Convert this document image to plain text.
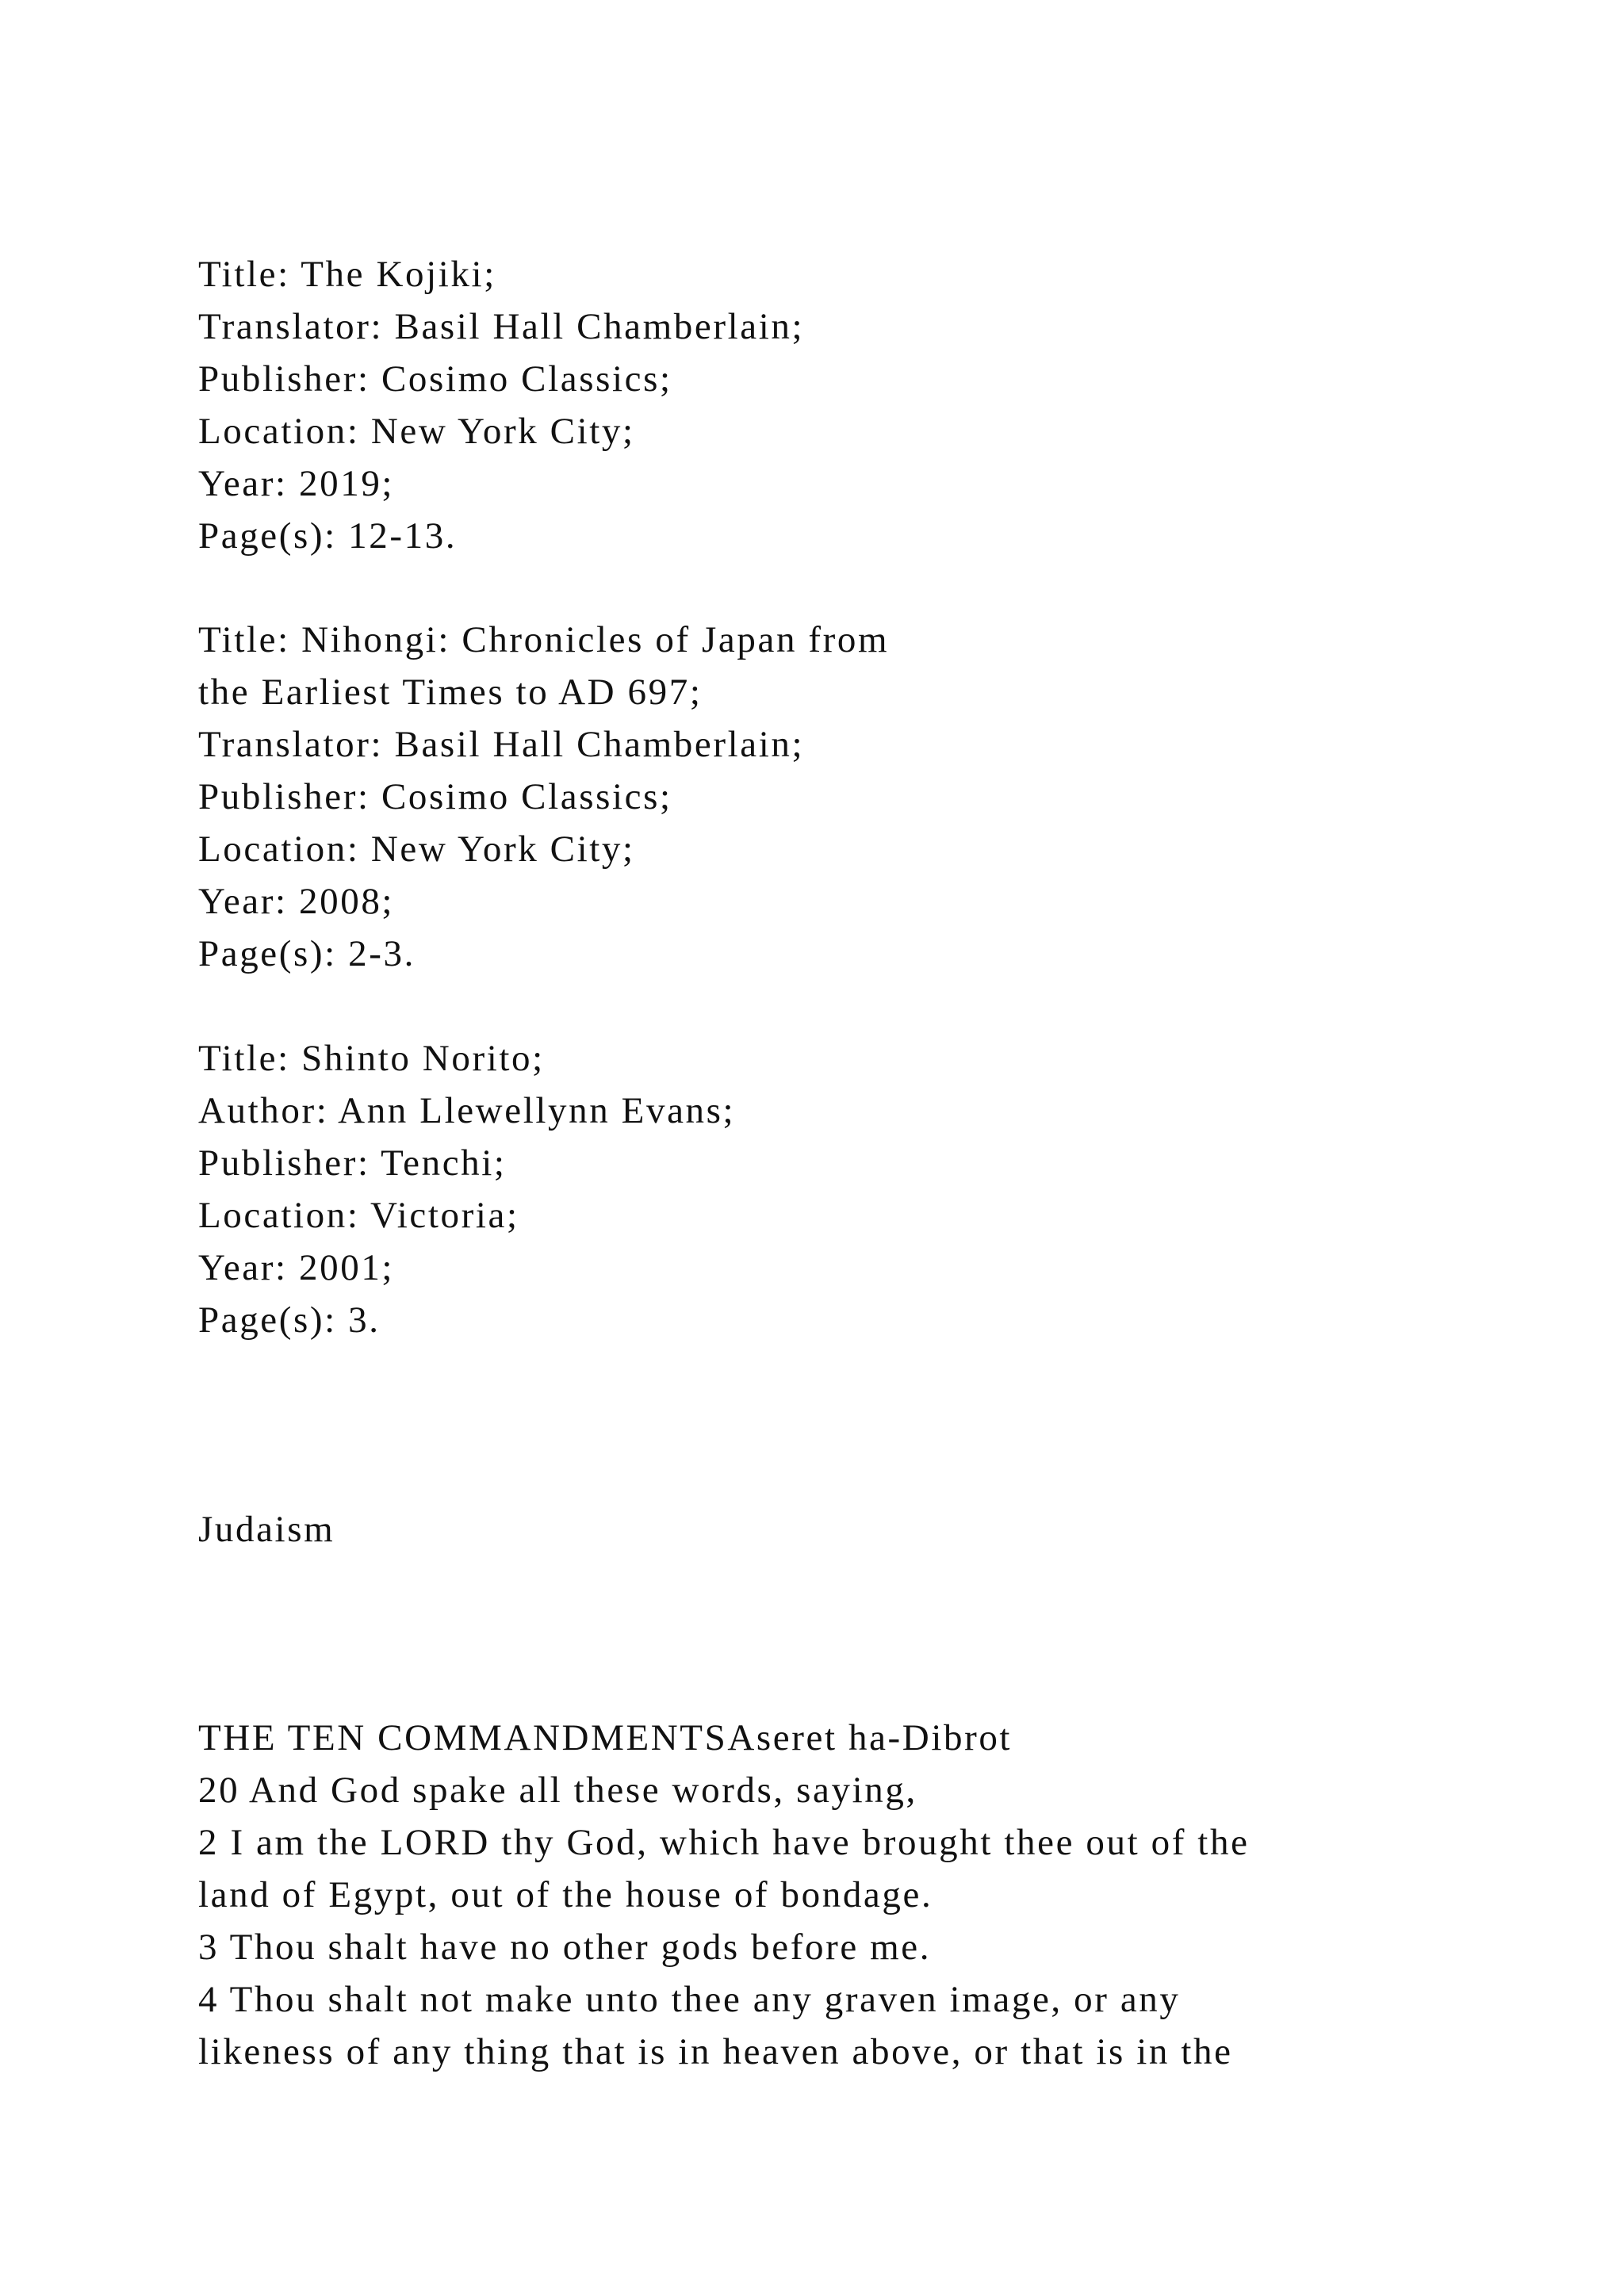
Title: The Kojiki;
Translator: Basil Hall Chamberlain;
Publisher: Cosimo Classics;
Location: New York City;
Year: 2019;
Page(s): 12-13.
Title: Nihongi: Chronicles of Japan from
the Earliest Times to AD 697;
Translator: Basil Hall Chamberlain;
Publisher: Cosimo Classics;
Location: New York City;
Year: 2008;
Page(s): 2-3.
Title: Shinto Norito;
Author: Ann Llewellynn Evans;
Publisher: Tenchi;
Location: Victoria;
Year: 2001;
Page(s): 3.
Judaism
THE TEN COMMANDMENTSAseret ha-Dibrot
20 And God spake all these words, saying,
2 I am the LORD thy God, which have brought thee out of the
land of Egypt, out of the house of bondage.
3 Thou shalt have no other gods before me.
4 Thou shalt not make unto thee any graven image, or any
likeness of any thing that is in heaven above, or that is in the
